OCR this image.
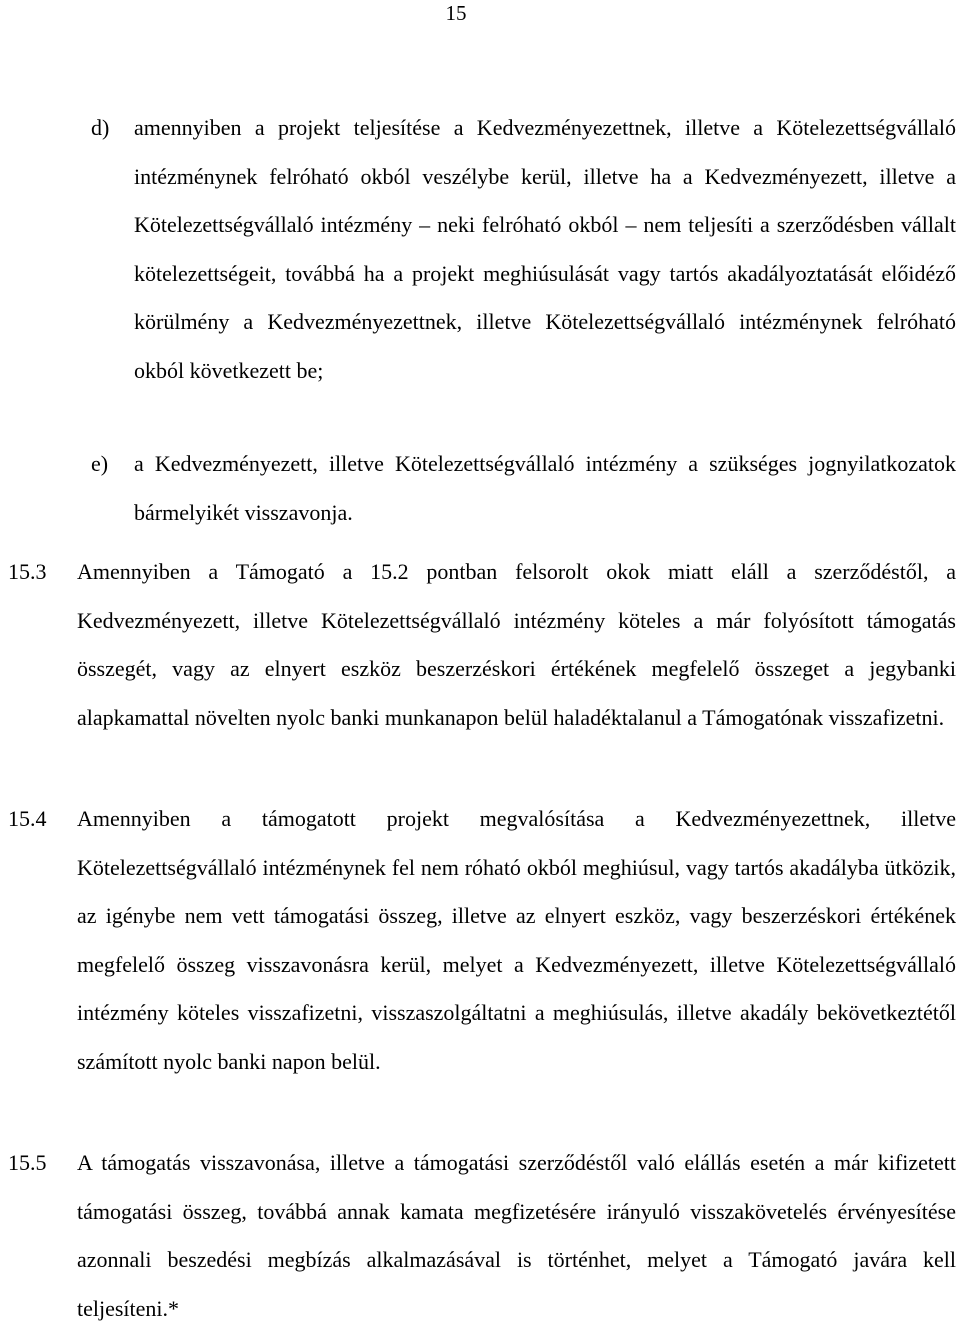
15
d) amennyiben a projekt teljesítése a Kedvezményezettnek, illetve a Kötelezettségvállaló intézménynek felróható okból veszélybe kerül, illetve ha a Kedvezményezett, illetve a Kötelezettségvállaló intézmény – neki felróható okból – nem teljesíti a szerződésben vállalt kötelezettségeit, továbbá ha a projekt meghiúsulását vagy tartós akadályoztatását előidéző körülmény a Kedvezményezettnek, illetve Kötelezettségvállaló intézménynek felróható okból következett be;

e) a Kedvezményezett, illetve Kötelezettségvállaló intézmény a szükséges jognyilatkozatok bármelyikét visszavonja.

15.3 Amennyiben a Támogató a 15.2 pontban felsorolt okok miatt eláll a szerződéstől, a Kedvezményezett, illetve Kötelezettségvállaló intézmény köteles a már folyósított támogatás összegét, vagy az elnyert eszköz beszerzéskori értékének megfelelő összeget a jegybanki alapkamattal növelten nyolc banki munkanapon belül haladéktalanul a Támogatónak visszafizetni.

15.4 Amennyiben a támogatott projekt megvalósítása a Kedvezményezettnek, illetve Kötelezettségvállaló intézménynek fel nem róható okból meghiúsul, vagy tartós akadályba ütközik, az igénybe nem vett támogatási összeg, illetve az elnyert eszköz, vagy beszerzéskori értékének megfelelő összeg visszavonásra kerül, melyet a Kedvezményezett, illetve Kötelezettségvállaló intézmény köteles visszafizetni, visszaszolgáltatni a meghiúsulás, illetve akadály bekövetkeztétől számított nyolc banki napon belül.

15.5 A támogatás visszavonása, illetve a támogatási szerződéstől való elállás esetén a már kifizetett támogatási összeg, továbbá annak kamata megfizetésére irányuló visszakövetelés érvényesítése azonnali beszedési megbízás alkalmazásával is történhet, melyet a Támogató javára kell teljesíteni.*
